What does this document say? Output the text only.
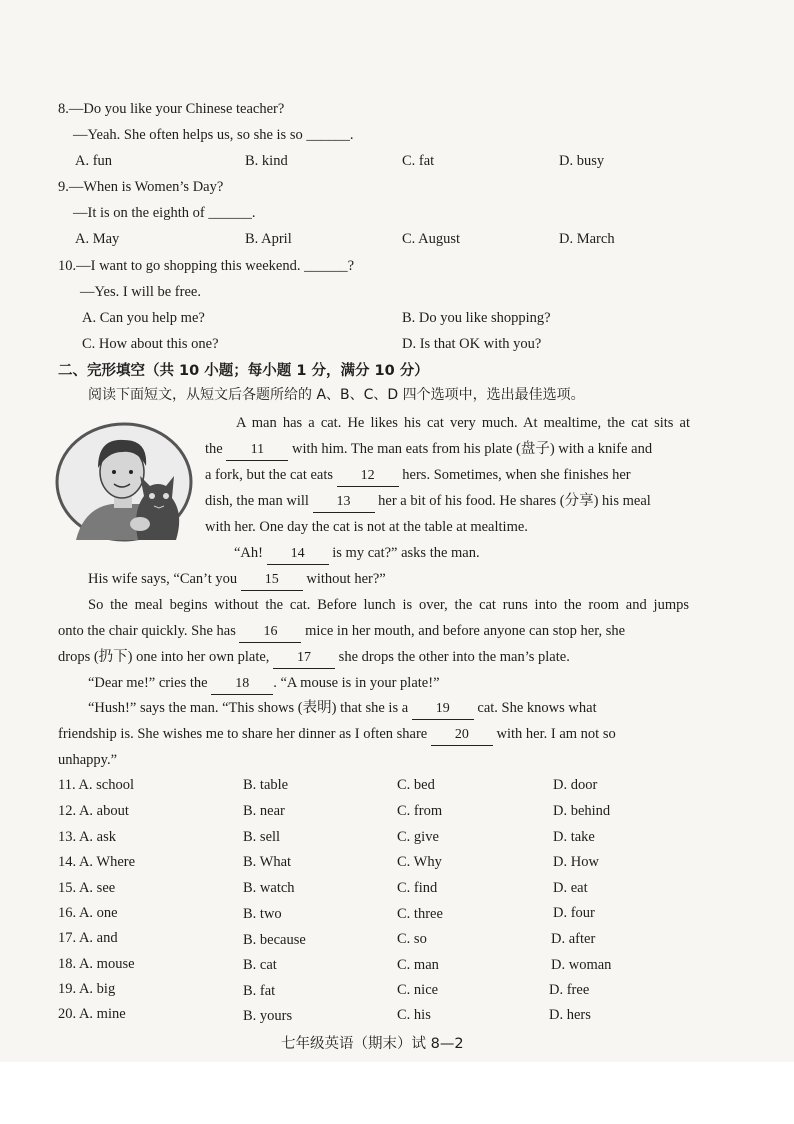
8.—Do you like your Chinese teacher?
—Yeah. She often helps us, so she is so ______.
A. fun	B. kind	C. fat	D. busy
9.—When is Women’s Day?
—It is on the eighth of ______.
A. May	B. April	C. August	D. March
10.—I want to go shopping this weekend. ______?
—Yes. I will be free.
A. Can you help me?	B. Do you like shopping?
C. How about this one?	D. Is that OK with you?
二、完形填空（共 10 小题；每小题 1 分，满分 10 分）
阅读下面短文，从短文后各题所给的 A、B、C、D 四个选项中，选出最佳选项。
A man has a cat. He likes his cat very much. At mealtime, the cat sits at
the 11 with him. The man eats from his plate (盘子) with a knife and
a fork, but the cat eats 12 hers. Sometimes, when she finishes her
dish, the man will 13 her a bit of his food. He shares (分享) his meal
with her. One day the cat is not at the table at mealtime.
“Ah! 14 is my cat?” asks the man.
His wife says, “Can’t you 15 without her?”
So the meal begins without the cat. Before lunch is over, the cat runs into the room and jumps
onto the chair quickly. She has 16 mice in her mouth, and before anyone can stop her, she
drops (扔下) one into her own plate, 17 she drops the other into the man’s plate.
“Dear me!” cries the 18 . “A mouse is in your plate!”
“Hush!” says the man. “This shows (表明) that she is a 19 cat. She knows what
friendship is. She wishes me to share her dinner as I often share 20 with her. I am not so
unhappy.”
11. A. school	B. table	C. bed	D. door
12. A. about	B. near	C. from	D. behind
13. A. ask	B. sell	C. give	D. take
14. A. Where	B. What	C. Why	D. How
15. A. see	B. watch	C. find	D. eat
16. A. one	B. two	C. three	D. four
17. A. and	B. because	C. so	D. after
18. A. mouse	B. cat	C. man	D. woman
19. A. big	B. fat	C. nice	D. free
20. A. mine	B. yours	C. his	D. hers
七年级英语（期末）试 8—2
